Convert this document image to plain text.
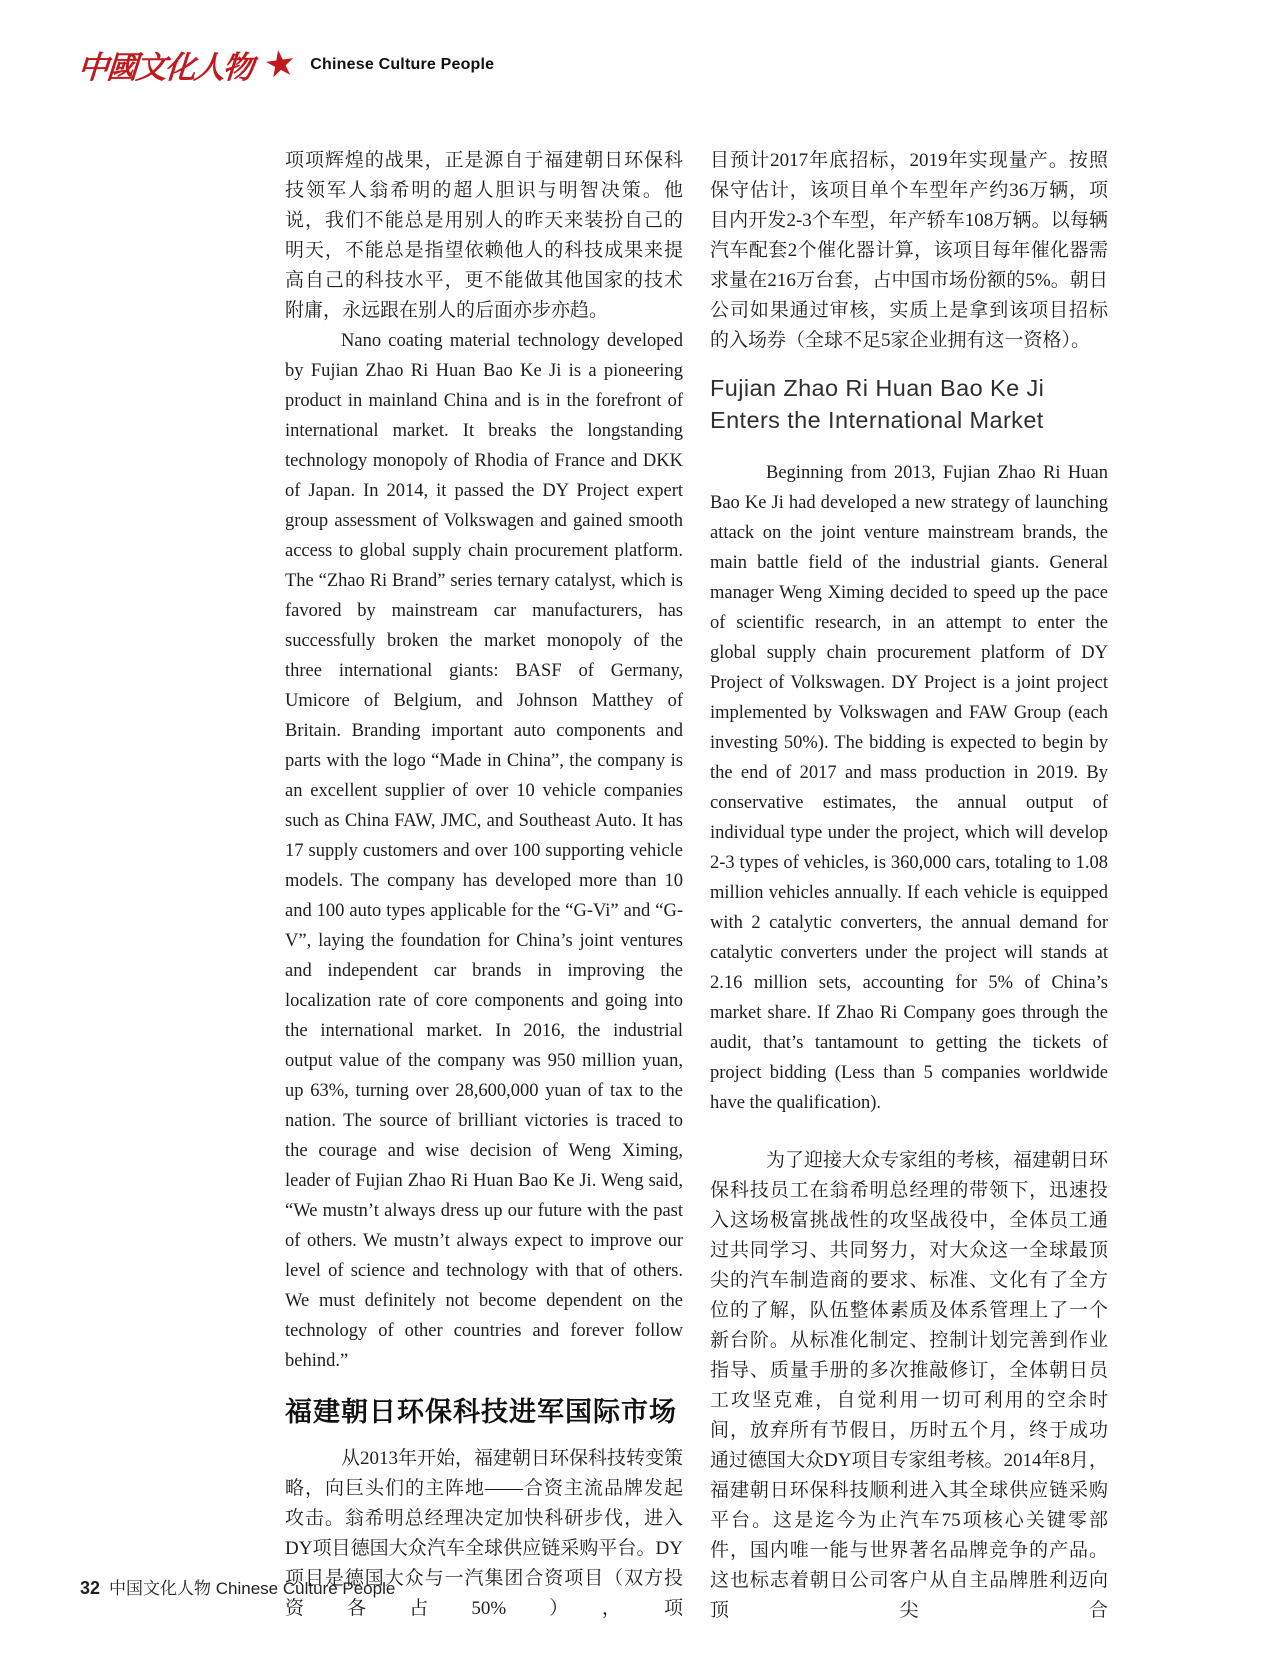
中國文化人物 ★ Chinese Culture People

项项辉煌的战果，正是源自于福建朝日环保科技领军人翁希明的超人胆识与明智决策。他说，我们不能总是用别人的昨天来装扮自己的明天，不能总是指望依赖他人的科技成果来提高自己的科技水平，更不能做其他国家的技术附庸，永远跟在别人的后面亦步亦趋。

Nano coating material technology developed by Fujian Zhao Ri Huan Bao Ke Ji is a pioneering product in mainland China and is in the forefront of international market. It breaks the longstanding technology monopoly of Rhodia of France and DKK of Japan. In 2014, it passed the DY Project expert group assessment of Volkswagen and gained smooth access to global supply chain procurement platform. The “Zhao Ri Brand” series ternary catalyst, which is favored by mainstream car manufacturers, has successfully broken the market monopoly of the three international giants: BASF of Germany, Umicore of Belgium, and Johnson Matthey of Britain. Branding important auto components and parts with the logo “Made in China”, the company is an excellent supplier of over 10 vehicle companies such as China FAW, JMC, and Southeast Auto. It has 17 supply customers and over 100 supporting vehicle models. The company has developed more than 10 and 100 auto types applicable for the “G-Vi” and “G-V”, laying the foundation for China’s joint ventures and independent car brands in improving the localization rate of core components and going into the international market. In 2016, the industrial output value of the company was 950 million yuan, up 63%, turning over 28,600,000 yuan of tax to the nation. The source of brilliant victories is traced to the courage and wise decision of Weng Ximing, leader of Fujian Zhao Ri Huan Bao Ke Ji. Weng said, “We mustn’t always dress up our future with the past of others. We mustn’t always expect to improve our level of science and technology with that of others. We must definitely not become dependent on the technology of other countries and forever follow behind.”

福建朝日环保科技进军国际市场

从2013年开始，福建朝日环保科技转变策略，向巨头们的主阵地——合资主流品牌发起攻击。翁希明总经理决定加快科研步伐，进入DY项目德国大众汽车全球供应链采购平台。DY项目是德国大众与一汽集团合资项目（双方投资各占50%），项

目预计2017年底招标，2019年实现量产。按照保守估计，该项目单个车型年产约36万辆，项目内开发2-3个车型，年产轿车108万辆。以每辆汽车配套2个催化器计算，该项目每年催化器需求量在216万台套，占中国市场份额的5%。朝日公司如果通过审核，实质上是拿到该项目招标的入场券（全球不足5家企业拥有这一资格）。

Fujian Zhao Ri Huan Bao Ke Ji Enters the International Market

Beginning from 2013, Fujian Zhao Ri Huan Bao Ke Ji had developed a new strategy of launching attack on the joint venture mainstream brands, the main battle field of the industrial giants. General manager Weng Ximing decided to speed up the pace of scientific research, in an attempt to enter the global supply chain procurement platform of DY Project of Volkswagen. DY Project is a joint project implemented by Volkswagen and FAW Group (each investing 50%). The bidding is expected to begin by the end of 2017 and mass production in 2019. By conservative estimates, the annual output of individual type under the project, which will develop 2-3 types of vehicles, is 360,000 cars, totaling to 1.08 million vehicles annually. If each vehicle is equipped with 2 catalytic converters, the annual demand for catalytic converters under the project will stands at 2.16 million sets, accounting for 5% of China’s market share. If Zhao Ri Company goes through the audit, that’s tantamount to getting the tickets of project bidding (Less than 5 companies worldwide have the qualification).

为了迎接大众专家组的考核，福建朝日环保科技员工在翁希明总经理的带领下，迅速投入这场极富挑战性的攻坚战役中，全体员工通过共同学习、共同努力，对大众这一全球最顶尖的汽车制造商的要求、标准、文化有了全方位的了解，队伍整体素质及体系管理上了一个新台阶。从标准化制定、控制计划完善到作业指导、质量手册的多次推敲修订，全体朝日员工攻坚克难，自觉利用一切可利用的空余时间，放弃所有节假日，历时五个月，终于成功通过德国大众DY项目专家组考核。2014年8月，福建朝日环保科技顺利进入其全球供应链采购平台。这是迄今为止汽车75项核心关键零部件，国内唯一能与世界著名品牌竞争的产品。这也标志着朝日公司客户从自主品牌胜利迈向顶尖合

32 中国文化人物 Chinese Culture People
